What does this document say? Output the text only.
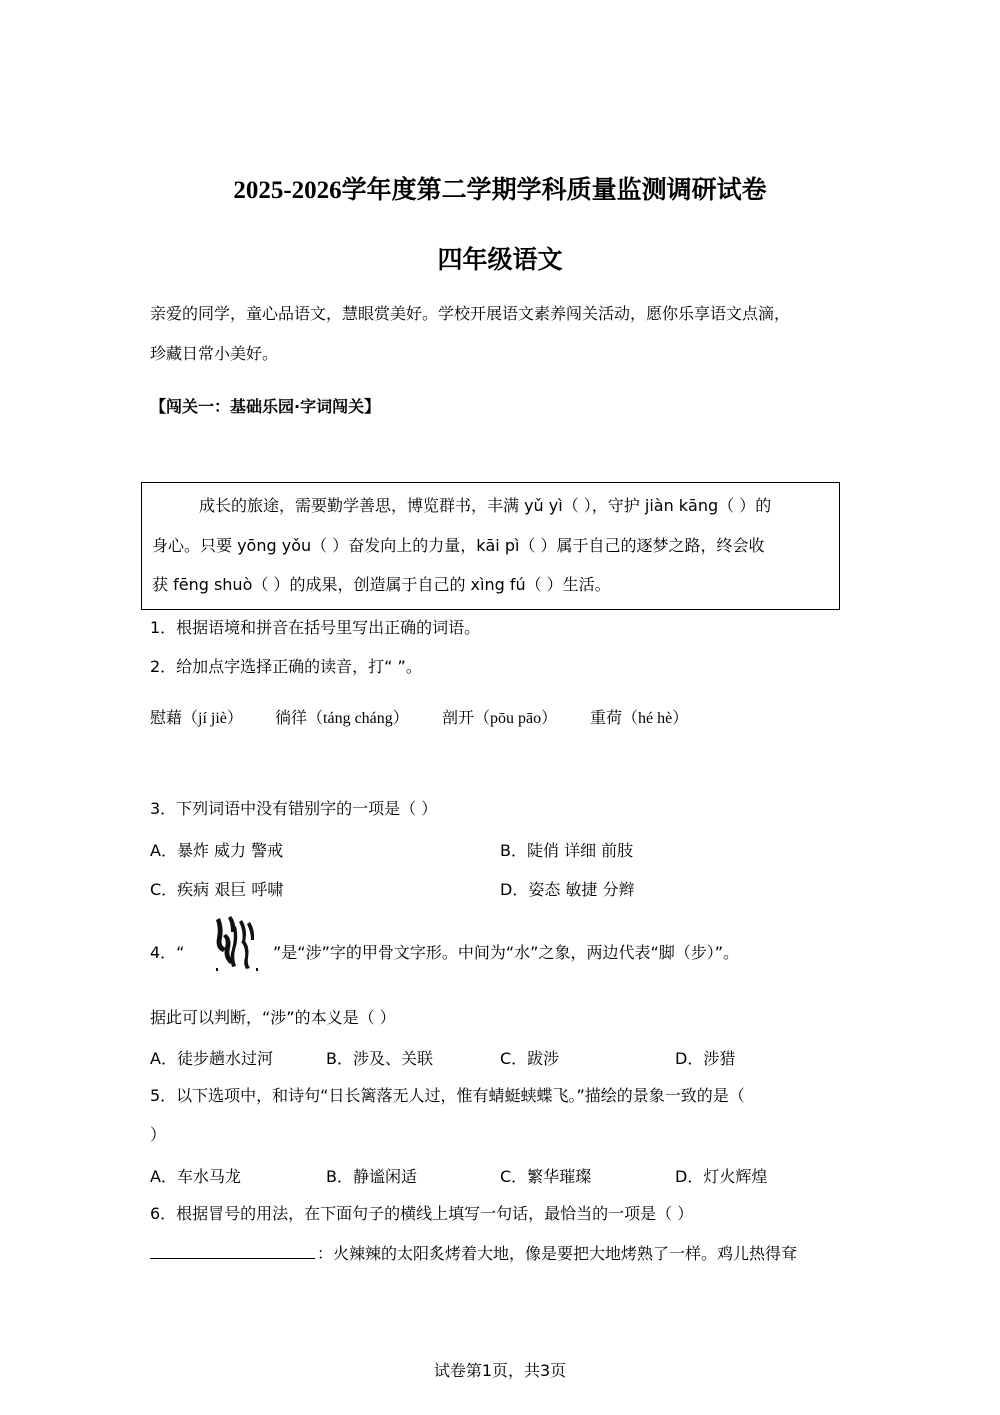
2025-2026学年度第二学期学科质量监测调研试卷
四年级语文
亲爱的同学，童心品语文，慧眼赏美好。学校开展语文素养闯关活动，愿你乐享语文点滴，
珍藏日常小美好。
【闯关一：基础乐园·字词闯关】
成长的旅途，需要勤学善思，博览群书，丰满 yǔ yì（ ），守护 jiàn kāng（ ）的
身心。只要 yōng yǒu（ ）奋发向上的力量，kāi pì（ ）属于自己的逐梦之路，终会收
获 fēng shuò（ ）的成果，创造属于自己的 xìng fú（ ）生活。
1．根据语境和拼音在括号里写出正确的词语。
2．给加点字选择正确的读音，打“ ”。
慰藉（jí jiè） 徜徉（táng cháng） 剖开（pōu pāo） 重荷（hé hè）
3．下列词语中没有错别字的一项是（ ）
A．暴炸 威力 警戒	B．陡俏 详细 前肢
C．疾病 艰巨 呼啸	D．姿态 敏捷 分辫
4．“	”是“涉”字的甲骨文字形。中间为“水”之象，两边代表“脚（步）”。
据此可以判断，“涉”的本义是（ ）
A．徒步趟水过河	B．涉及、关联	C．跋涉	D．涉猎
5．以下选项中，和诗句“日长篱落无人过，惟有蜻蜓蛱蝶飞。”描绘的景象一致的是（
）
A．车水马龙	B．静谧闲适	C．繁华璀璨	D．灯火辉煌
6．根据冒号的用法，在下面句子的横线上填写一句话，最恰当的一项是（ ）
：火辣辣的太阳炙烤着大地，像是要把大地烤熟了一样。鸡儿热得耷
试卷第1页，共3页
